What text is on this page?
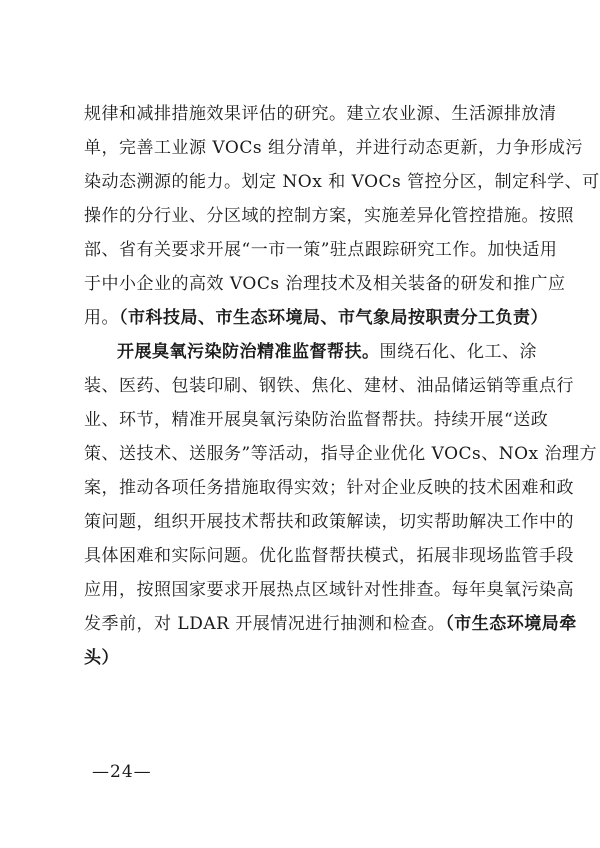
规律和减排措施效果评估的研究。建立农业源、生活源排放清
单，完善工业源 VOCs 组分清单，并进行动态更新，力争形成污
染动态溯源的能力。划定 NOx 和 VOCs 管控分区，制定科学、可
操作的分行业、分区域的控制方案，实施差异化管控措施。按照
部、省有关要求开展“一市一策”驻点跟踪研究工作。加快适用
于中小企业的高效 VOCs 治理技术及相关装备的研发和推广应
用。（市科技局、市生态环境局、市气象局按职责分工负责）
开展臭氧污染防治精准监督帮扶。围绕石化、化工、涂
装、医药、包装印刷、钢铁、焦化、建材、油品储运销等重点行
业、环节，精准开展臭氧污染防治监督帮扶。持续开展“送政
策、送技术、送服务”等活动，指导企业优化 VOCs、NOx 治理方
案，推动各项任务措施取得实效；针对企业反映的技术困难和政
策问题，组织开展技术帮扶和政策解读，切实帮助解决工作中的
具体困难和实际问题。优化监督帮扶模式，拓展非现场监管手段
应用，按照国家要求开展热点区域针对性排查。每年臭氧污染高
发季前，对 LDAR 开展情况进行抽测和检查。（市生态环境局牵
头）
—24—
